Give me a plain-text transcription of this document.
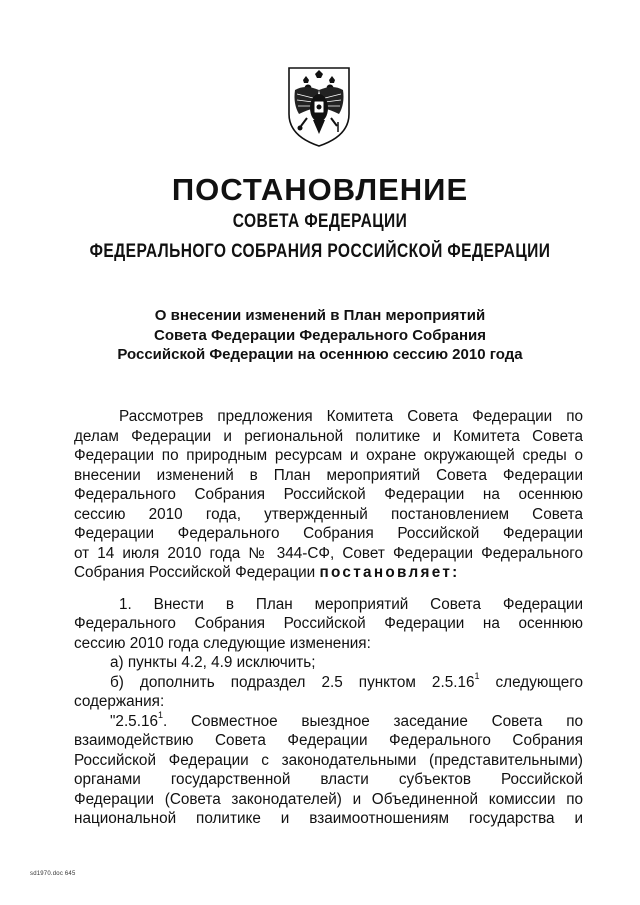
ПОСТАНОВЛЕНИЕ
СОВЕТА ФЕДЕРАЦИИ
ФЕДЕРАЛЬНОГО СОБРАНИЯ РОССИЙСКОЙ ФЕДЕРАЦИИ
О внесении изменений в План мероприятий
Совета Федерации Федерального Собрания
Российской Федерации на осеннюю сессию 2010 года
Рассмотрев предложения Комитета Совета Федерации по
делам Федерации и региональной политике и Комитета Совета
Федерации по природным ресурсам и охране окружающей среды о
внесении изменений в План мероприятий Совета Федерации
Федерального Собрания Российской Федерации на осеннюю
сессию 2010 года, утвержденный постановлением Совета
Федерации Федерального Собрания Российской Федерации
от 14 июля 2010 года № 344-СФ, Совет Федерации Федерального
Собрания Российской Федерации постановляет:
1. Внести в План мероприятий Совета Федерации
Федерального Собрания Российской Федерации на осеннюю
сессию 2010 года следующие изменения:
а) пункты 4.2, 4.9 исключить;
б) дополнить подраздел 2.5 пунктом 2.5.16$^1$ следующего
содержания:
"2.5.16$^1$. Совместное выездное заседание Совета по
взаимодействию Совета Федерации Федерального Собрания
Российской Федерации с законодательными (представительными)
органами государственной власти субъектов Российской
Федерации (Совета законодателей) и Объединенной комиссии по
национальной политике и взаимоотношениям государства и
sd1970.doc 645
